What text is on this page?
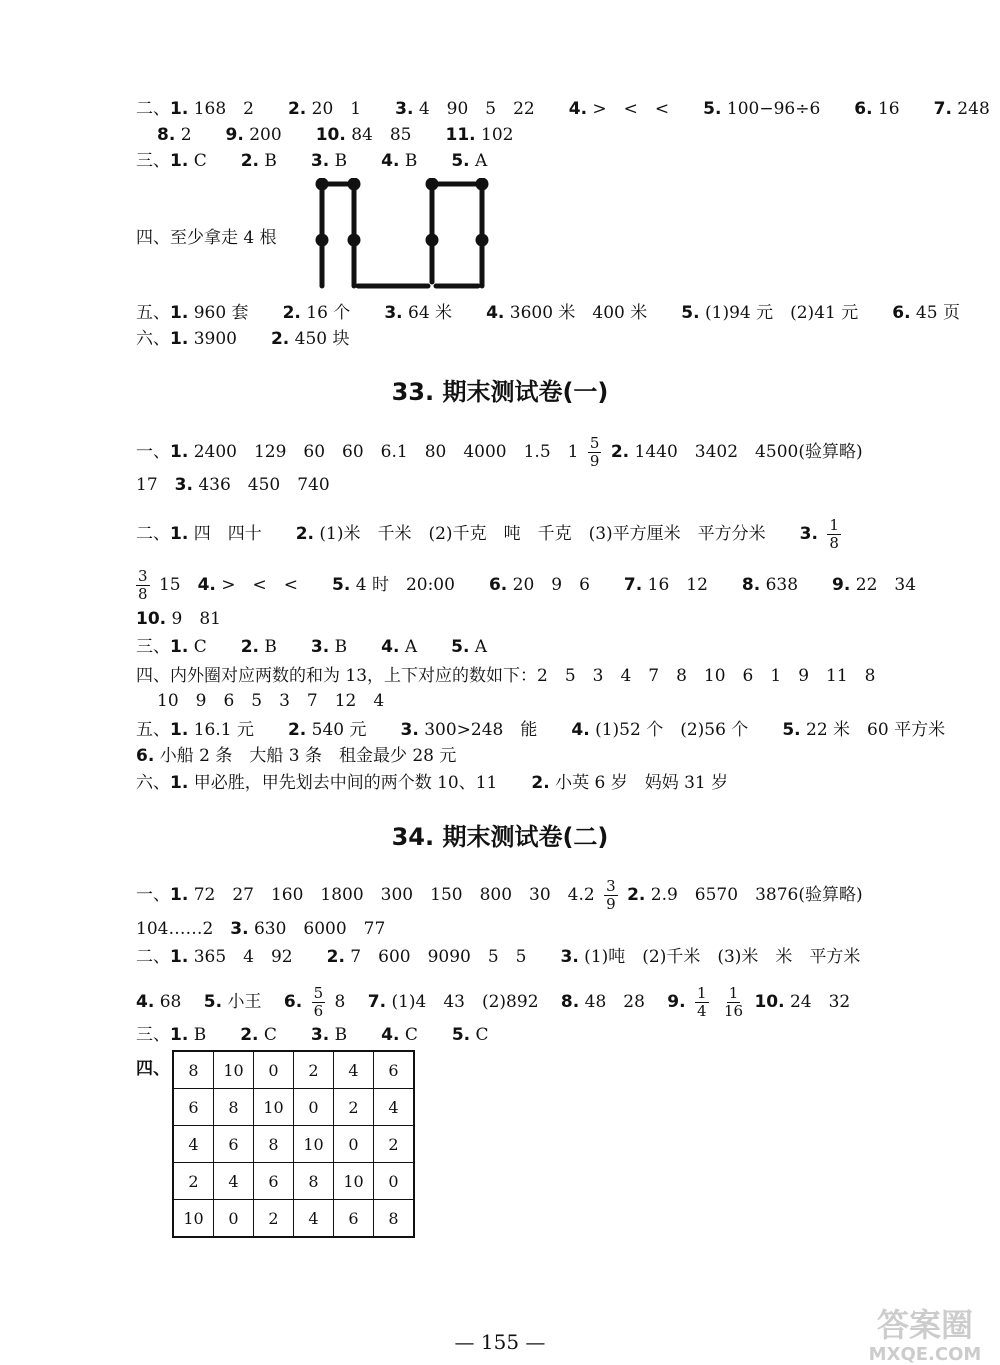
二、1. 168　2　　 2. 20　1　　 3. 4　90　5　22　　 4. >　<　<　　 5. 100−96÷6　　 6. 16　　 7. 248
8. 2　　 9. 200　　 10. 84　85　　 11. 102
三、1. C　　 2. B　　 3. B　　 4. B　　 5. A
四、至少拿走 4 根
五、1. 960 套　　 2. 16 个　　 3. 64 米　　 4. 3600 米　400 米　　 5. (1)94 元　(2)41 元　　 6. 45 页
六、1. 3900　　 2. 450 块
33. 期末测试卷(一)
一、1. 2400　129　60　60　6.1　80　4000　1.5　$1 \frac{5}{9} 2$. 1440　3402　4500(验算略)
17　 3. 436　450　740
二、1. 四　四十　　 2. (1)米　千米　(2)千克　吨　千克　(3)平方厘米　平方分米　　 3. $\frac{1}{8}$
$\frac{3}{8} 15$　 4. >　<　<　　 5. 4 时　20:00　　 6. 20　9　6　　 7. 16　12　　 8. 638　　 9. 22　34
10. 9　81
三、1. C　　 2. B　　 3. B　　 4. A　　 5. A
四、内外圈对应两数的和为 13，上下对应的数如下：2　5　3　4　7　8　10　6　1　9　11　8
10　9　6　5　3　7　12　4
五、1. 16.1 元　　 2. 540 元　　 3. 300>248　能　　 4. (1)52 个　(2)56 个　　 5. 22 米　60 平方米
6. 小船 2 条　大船 3 条　租金最少 28 元
六、1. 甲必胜，甲先划去中间的两个数 10、11　　 2. 小英 6 岁　妈妈 31 岁
34. 期末测试卷(二)
一、1. 72　27　160　1800　300　150　800　30　$4.2 \frac{3}{9} 2$. 2.9　6570　3876(验算略)
104……2　 3. 630　6000　77
二、1. 365　4　92　　 2. 7　600　9090　5　5　　 3. (1)吨　(2)千米　(3)米　米　平方米
4. 68　 5. 小王　 6. $\frac{5}{6} 8$　 7. (1)4　43　(2)892　 8. 48　28　 9. $\frac{1}{4}$
$\frac{1}{16} 10$. 24　32
三、1. B　　 2. C　　 3. B　　 4. C　　 5. C
四、 8	10	0	2	4	6
6	8	10	0	2	4
4	6	8	10	0	2
2	4	6	8	10	0
10	0	2	4	6	8
— 155 —	答案圈
MXQE.COM
